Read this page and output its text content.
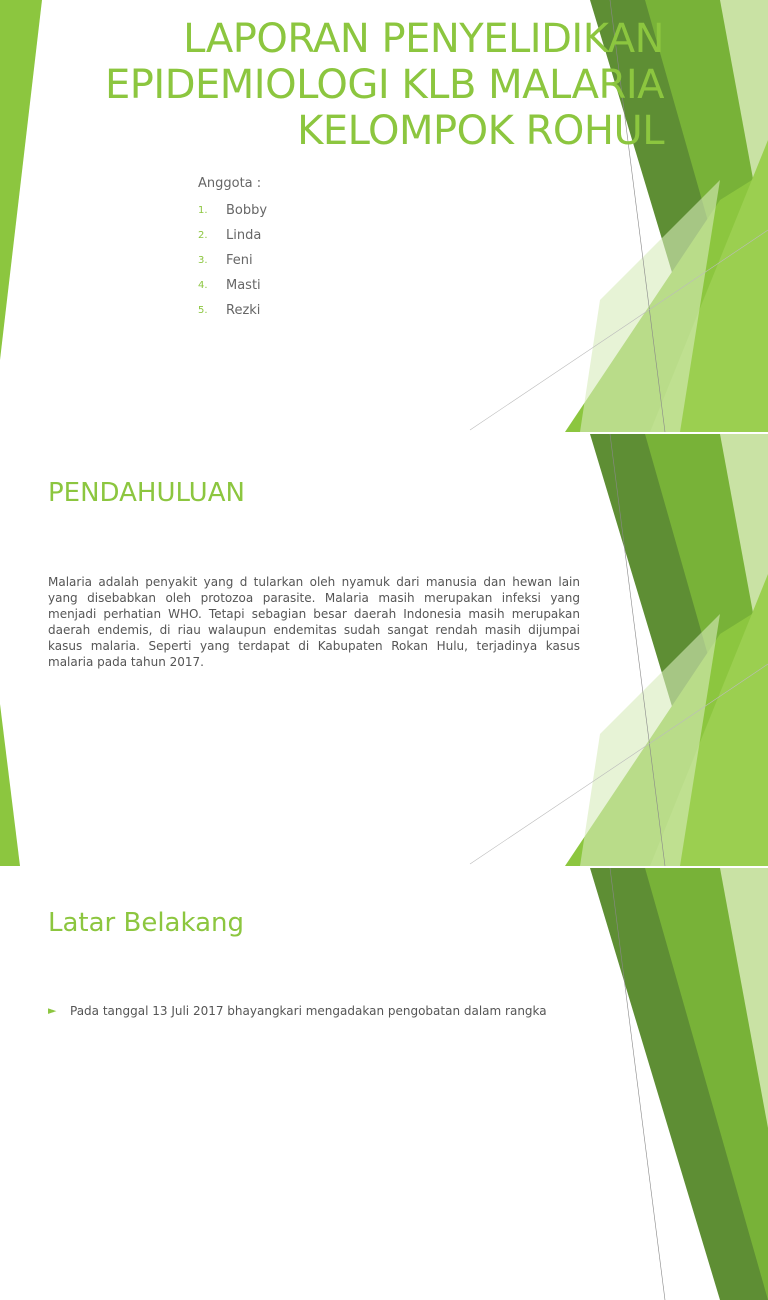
LAPORAN PENYELIDIKAN EPIDEMIOLOGI KLB MALARIA KELOMPOK ROHUL
Anggota :
1.	Bobby
2.	Linda
3.	Feni
4.	Masti
5.	Rezki
PENDAHULUAN

Malaria adalah penyakit yang d tularkan oleh nyamuk dari manusia dan hewan lain yang disebabkan oleh protozoa parasite. Malaria masih merupakan infeksi yang menjadi perhatian WHO. Tetapi sebagian besar daerah Indonesia masih merupakan daerah endemis, di riau walaupun endemitas sudah sangat rendah masih dijumpai kasus malaria. Seperti yang terdapat di Kabupaten Rokan Hulu, terjadinya kasus malaria pada tahun 2017.

Latar Belakang
►	Pada tanggal 13 Juli 2017 bhayangkari mengadakan pengobatan dalam rangka
